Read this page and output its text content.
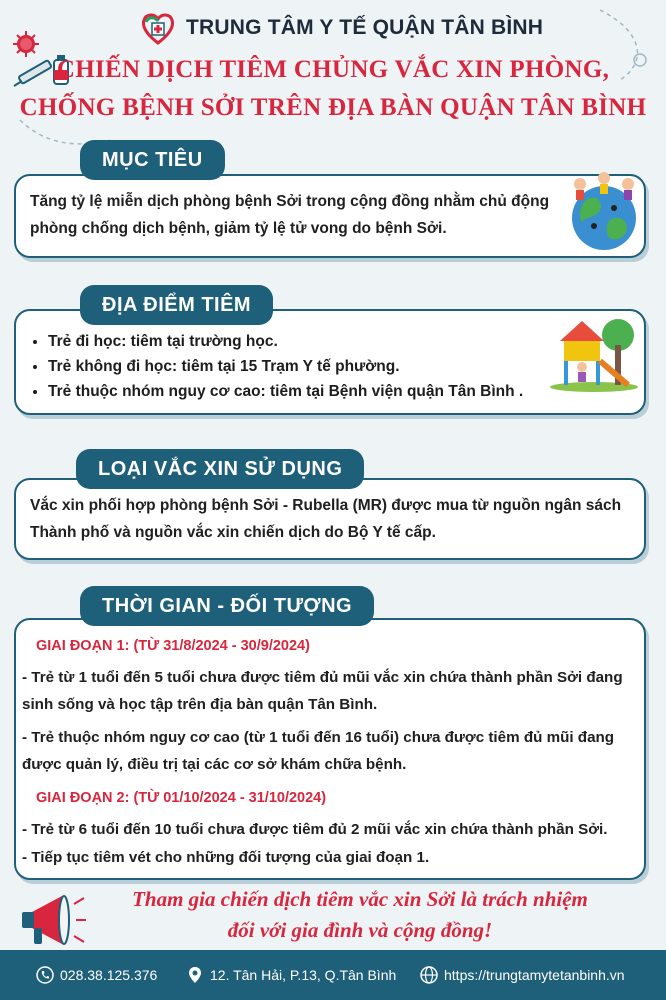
TRUNG TÂM Y TẾ QUẬN TÂN BÌNH
CHIẾN DỊCH TIÊM CHỦNG VẮC XIN PHÒNG,
CHỐNG BỆNH SỞI TRÊN ĐỊA BÀN QUẬN TÂN BÌNH
Tăng tỷ lệ miễn dịch phòng bệnh Sởi trong cộng đồng nhằm chủ động phòng chống dịch bệnh, giảm tỷ lệ tử vong do bệnh Sởi.
MỤC TIÊU
• Trẻ đi học: tiêm tại trường học.
• Trẻ không đi học: tiêm tại 15 Trạm Y tế phường.
• Trẻ thuộc nhóm nguy cơ cao: tiêm tại Bệnh viện quận Tân Bình .
ĐỊA ĐIỂM TIÊM
Vắc xin phối hợp phòng bệnh Sởi - Rubella (MR) được mua từ nguồn ngân sách Thành phố và nguồn vắc xin chiến dịch do Bộ Y tế cấp.
LOẠI VẮC XIN SỬ DỤNG
GIAI ĐOẠN 1: (TỪ 31/8/2024 - 30/9/2024)
- Trẻ từ 1 tuổi đến 5 tuổi chưa được tiêm đủ mũi vắc xin chứa thành phần Sởi đang sinh sống và học tập trên địa bàn quận Tân Bình.
- Trẻ thuộc nhóm nguy cơ cao (từ 1 tuổi đến 16 tuổi) chưa được tiêm đủ mũi đang được quản lý, điều trị tại các cơ sở khám chữa bệnh.
GIAI ĐOẠN 2: (TỪ 01/10/2024 - 31/10/2024)
- Trẻ từ 6 tuổi đến 10 tuổi chưa được tiêm đủ 2 mũi vắc xin chứa thành phần Sởi.
- Tiếp tục tiêm vét cho những đối tượng của giai đoạn 1.
THỜI GIAN - ĐỐI TƯỢNG
Tham gia chiến dịch tiêm vắc xin Sởi là trách nhiệm
đối với gia đình và cộng đồng!
028.38.125.376	12. Tân Hải, P.13, Q.Tân Bình	https://trungtamytetanbinh.vn
